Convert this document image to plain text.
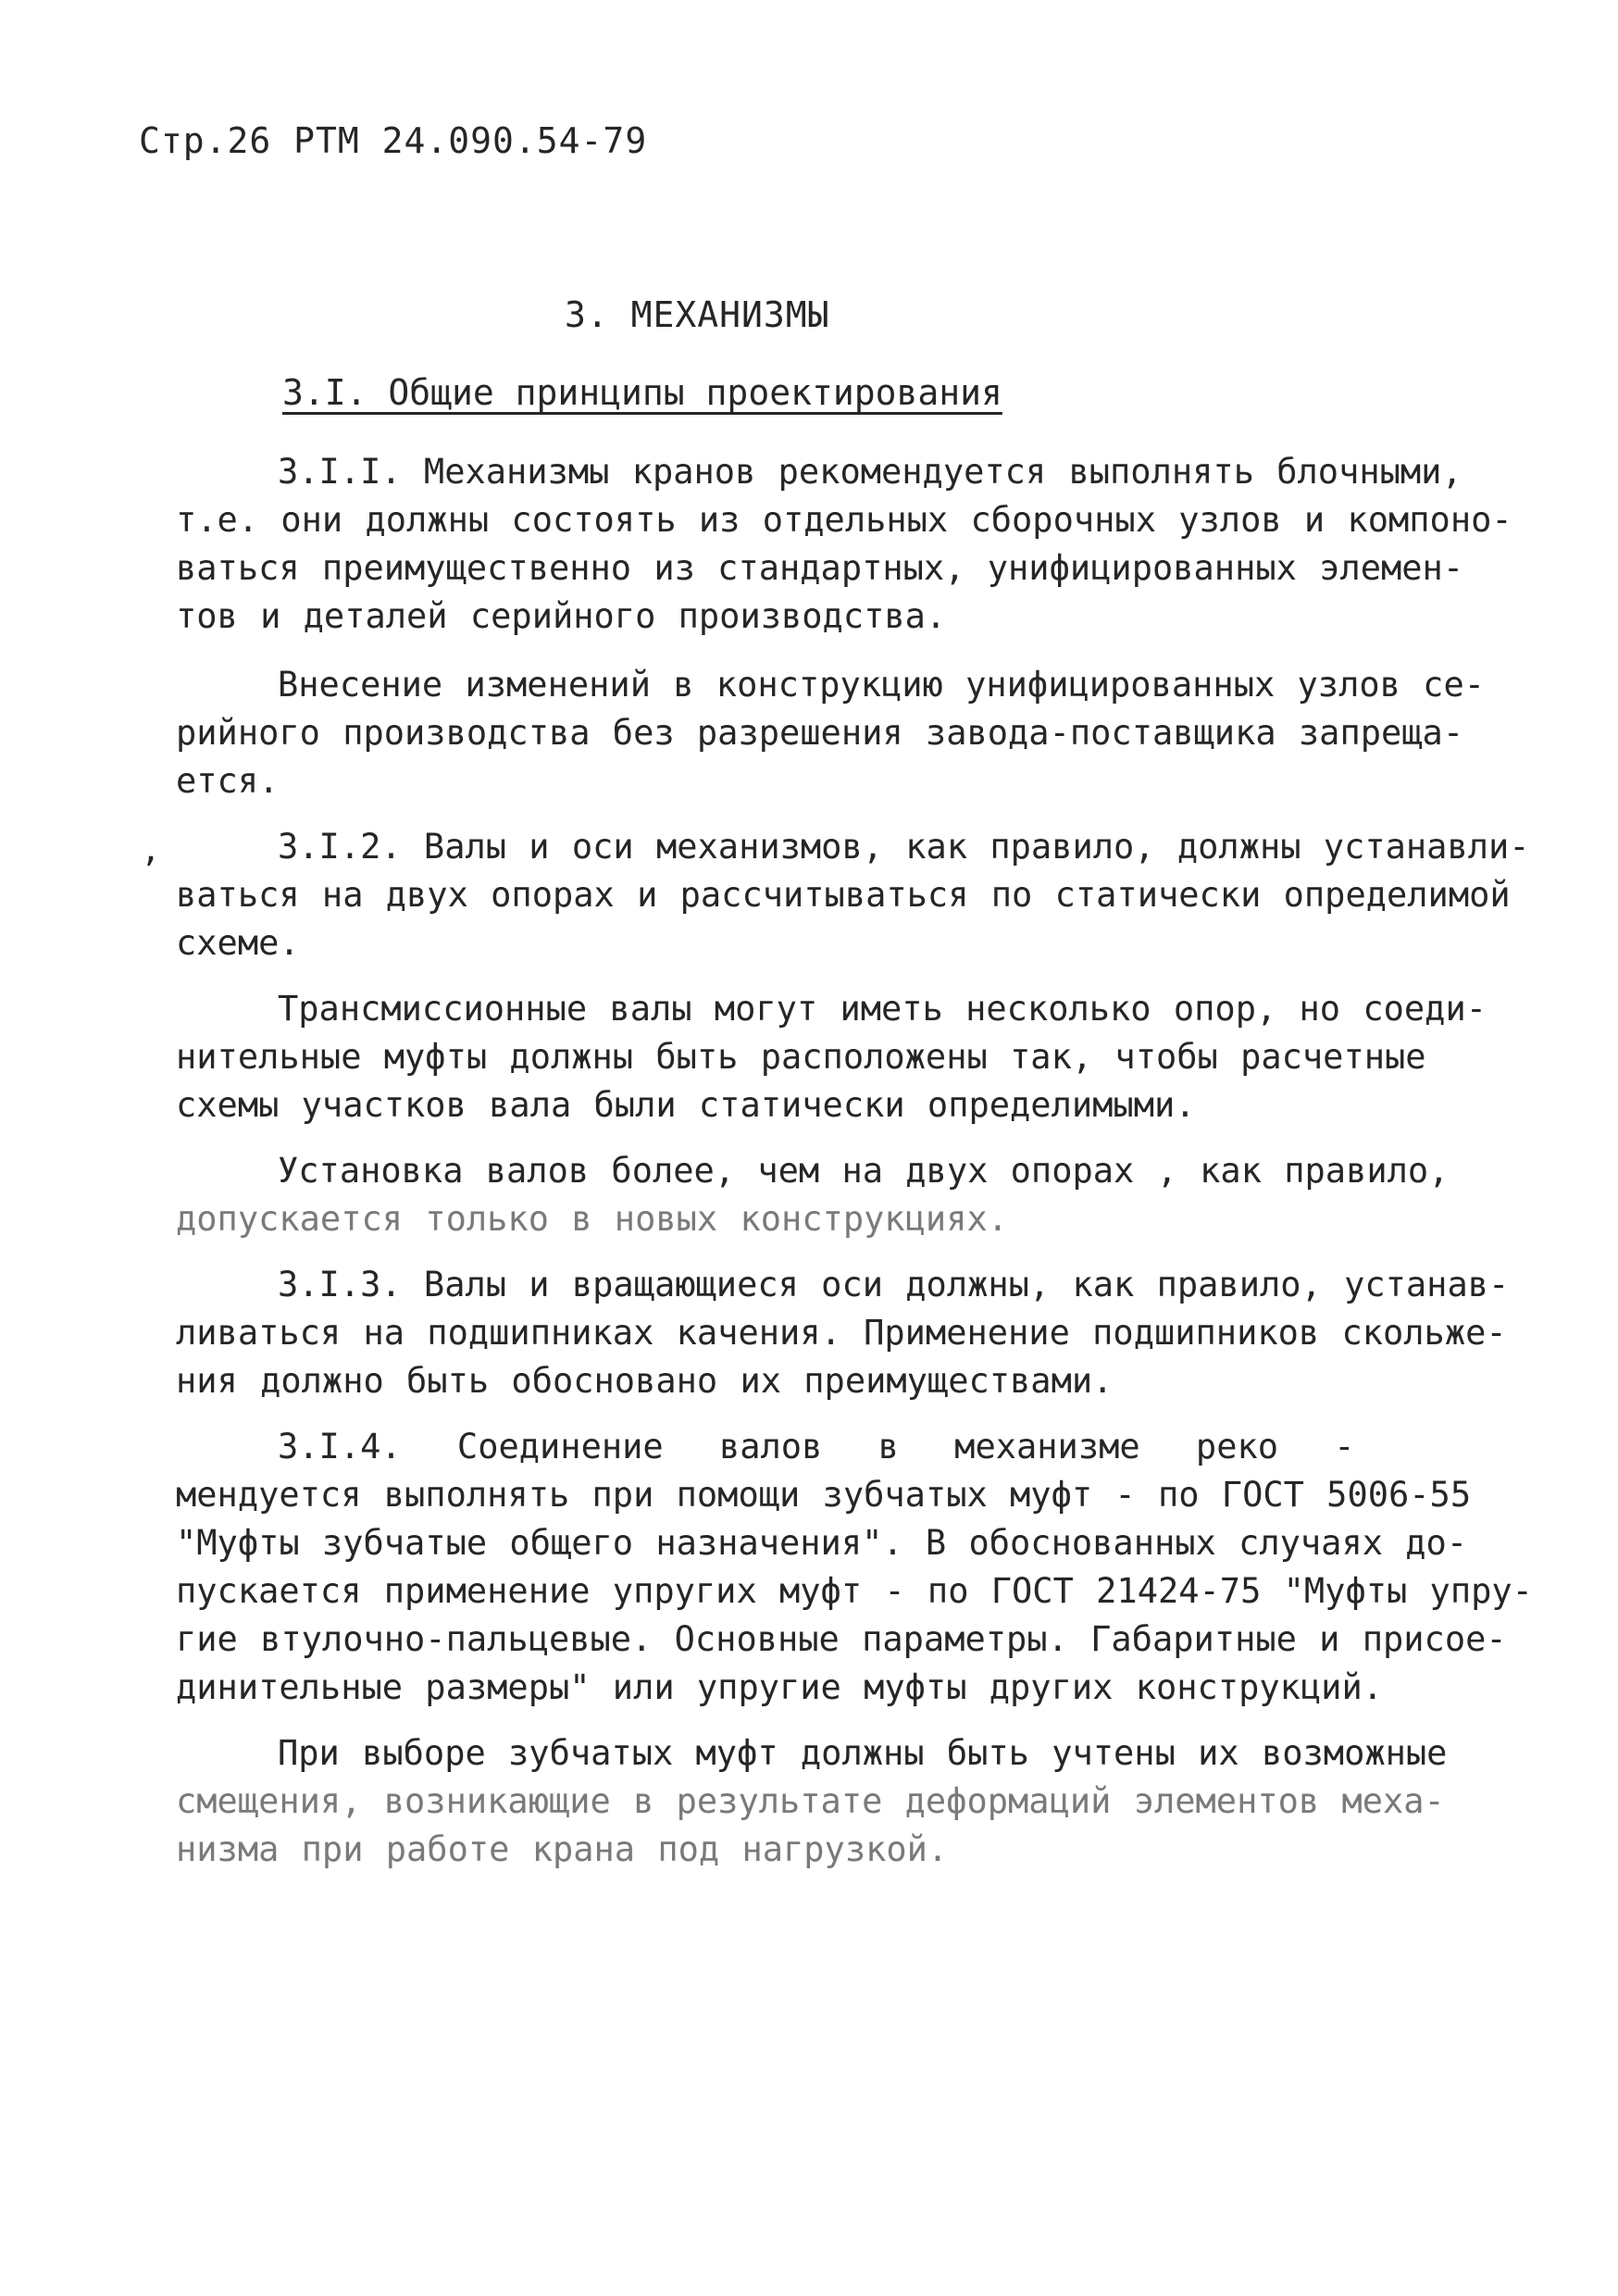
Стр.26 РТМ 24.090.54-79
3. МЕХАНИЗМЫ
3.I. Общие принципы проектирования
,
3.I.I. Механизмы кранов рекомендуется выполнять блочными,
т.е. они должны состоять из отдельных сборочных узлов и компоно-
ваться преимущественно из стандартных, унифицированных элемен-
тов и деталей серийного производства.
Внесение изменений в конструкцию унифицированных узлов се-
рийного производства без разрешения завода-поставщика запреща-
ется.
3.I.2. Валы и оси механизмов, как правило, должны устанавли-
ваться на двух опорах и рассчитываться по статически определимой
схеме.
Трансмиссионные валы могут иметь несколько опор, но соеди-
нительные муфты должны быть расположены так, чтобы расчетные
схемы участков вала были статически определимыми.
Установка валов более, чем на двух опорах , как правило,
допускается только в новых конструкциях.
3.I.3. Валы и вращающиеся оси должны, как правило, устанав-
ливаться на подшипниках качения. Применение подшипников скольже-
ния должно быть обосновано их преимуществами.
3.I.4. Соединение валов в механизме реко -
мендуется выполнять при помощи зубчатых муфт - по ГОСТ 5006-55
"Муфты зубчатые общего назначения". В обоснованных случаях до-
пускается применение упругих муфт - по ГОСТ 21424-75 "Муфты упру-
гие втулочно-пальцевые. Основные параметры. Габаритные и присое-
динительные размеры" или упругие муфты других конструкций.
При выборе зубчатых муфт должны быть учтены их возможные
смещения, возникающие в результате деформаций элементов меха-
низма при работе крана под нагрузкой.
